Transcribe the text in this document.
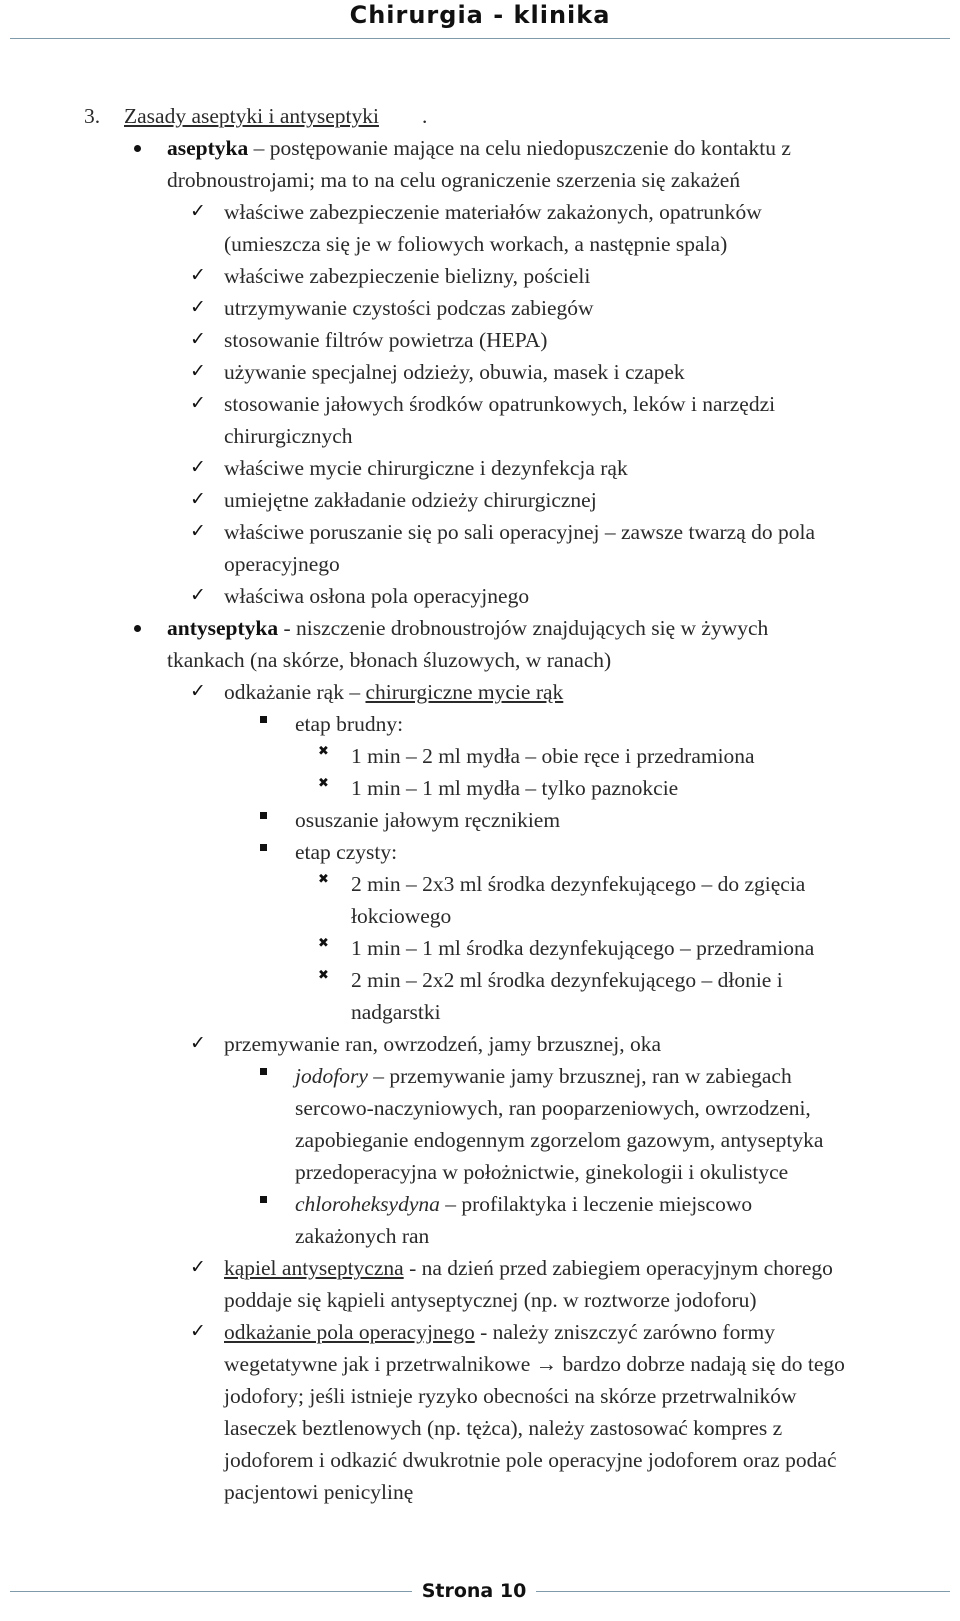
Chirurgia - klinika
3. Zasady aseptyki i antyseptyki .
aseptyka – postępowanie mające na celu niedopuszczenie do kontaktu z
drobnoustrojami; ma to na celu ograniczenie szerzenia się zakażeń
✓ właściwe zabezpieczenie materiałów zakażonych, opatrunków
(umieszcza się je w foliowych workach, a następnie spala)
✓ właściwe zabezpieczenie bielizny, pościeli
✓ utrzymywanie czystości podczas zabiegów
✓ stosowanie filtrów powietrza (HEPA)
✓ używanie specjalnej odzieży, obuwia, masek i czapek
✓ stosowanie jałowych środków opatrunkowych, leków i narzędzi
chirurgicznych
✓ właściwe mycie chirurgiczne i dezynfekcja rąk
✓ umiejętne zakładanie odzieży chirurgicznej
✓ właściwe poruszanie się po sali operacyjnej – zawsze twarzą do pola
operacyjnego
✓ właściwa osłona pola operacyjnego
antyseptyka - niszczenie drobnoustrojów znajdujących się w żywych
tkankach (na skórze, błonach śluzowych, w ranach)
✓ odkażanie rąk – chirurgiczne mycie rąk
etap brudny:
✖ 1 min – 2 ml mydła – obie ręce i przedramiona
✖ 1 min – 1 ml mydła – tylko paznokcie
osuszanie jałowym ręcznikiem
etap czysty:
✖ 2 min – 2x3 ml środka dezynfekującego – do zgięcia
łokciowego
✖ 1 min – 1 ml środka dezynfekującego – przedramiona
✖ 2 min – 2x2 ml środka dezynfekującego – dłonie i
nadgarstki
✓ przemywanie ran, owrzodzeń, jamy brzusznej, oka
jodofory – przemywanie jamy brzusznej, ran w zabiegach
sercowo-naczyniowych, ran pooparzeniowych, owrzodzeni,
zapobieganie endogennym zgorzelom gazowym, antyseptyka
przedoperacyjna w położnictwie, ginekologii i okulistyce
chloroheksydyna – profilaktyka i leczenie miejscowo
zakażonych ran
✓ kąpiel antyseptyczna - na dzień przed zabiegiem operacyjnym chorego
poddaje się kąpieli antyseptycznej (np. w roztworze jodoforu)
✓ odkażanie pola operacyjnego - należy zniszczyć zarówno formy
wegetatywne jak i przetrwalnikowe → bardzo dobrze nadają się do tego
jodofory; jeśli istnieje ryzyko obecności na skórze przetrwalników
laseczek beztlenowych (np. tężca), należy zastosować kompres z
jodoforem i odkazić dwukrotnie pole operacyjne jodoforem oraz podać
pacjentowi penicylinę
Strona 10
